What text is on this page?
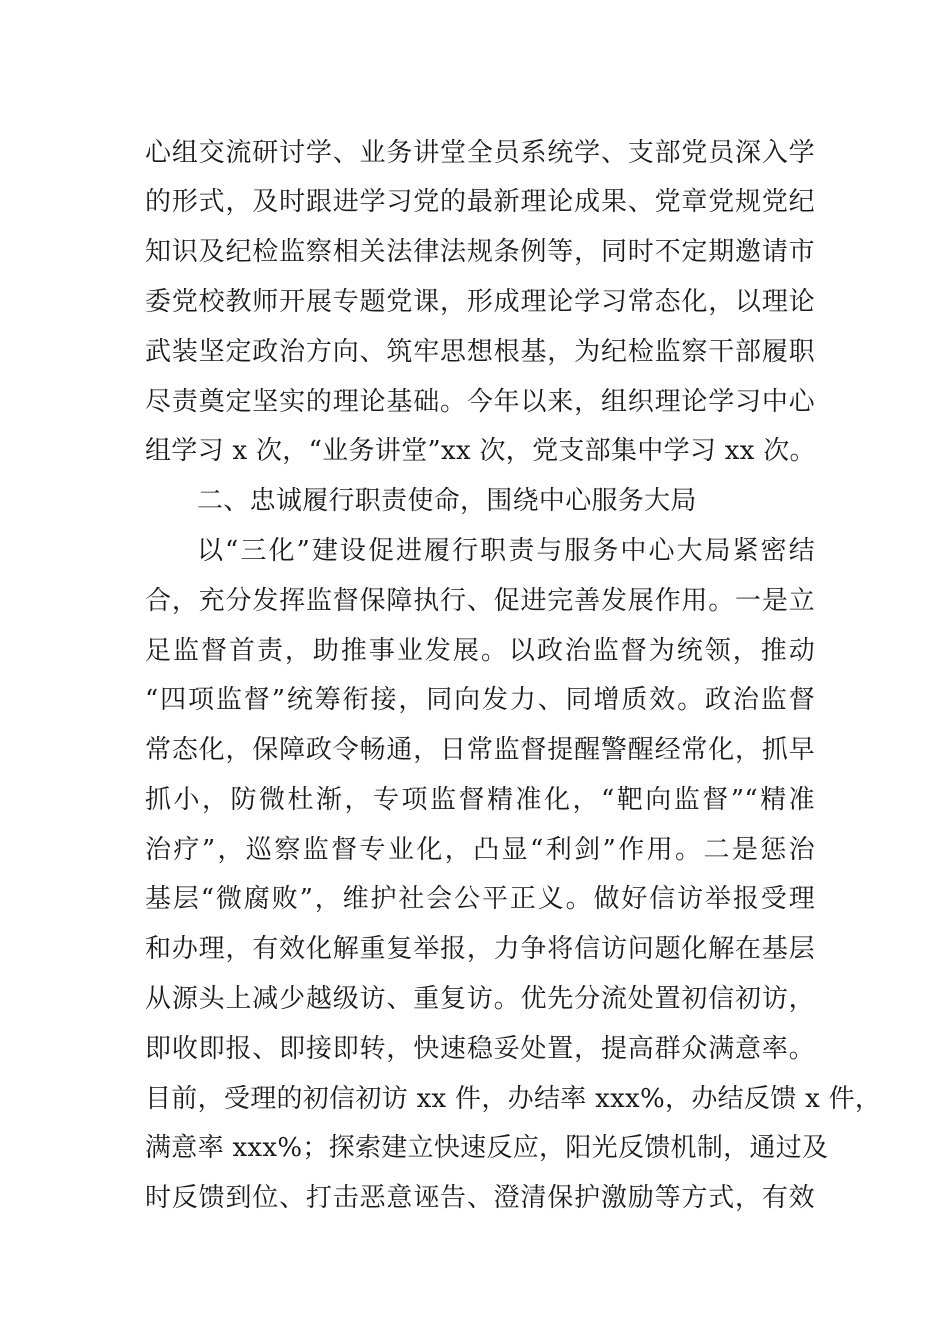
心组交流研讨学、业务讲堂全员系统学、支部党员深入学
的形式，及时跟进学习党的最新理论成果、党章党规党纪
知识及纪检监察相关法律法规条例等，同时不定期邀请市
委党校教师开展专题党课，形成理论学习常态化，以理论
武装坚定政治方向、筑牢思想根基，为纪检监察干部履职
尽责奠定坚实的理论基础。今年以来，组织理论学习中心
组学习 x 次，“业务讲堂”xx 次，党支部集中学习 xx 次。
二、忠诚履行职责使命，围绕中心服务大局
以“三化”建设促进履行职责与服务中心大局紧密结
合，充分发挥监督保障执行、促进完善发展作用。一是立
足监督首责，助推事业发展。以政治监督为统领，推动
“四项监督”统筹衔接，同向发力、同增质效。政治监督
常态化，保障政令畅通，日常监督提醒警醒经常化，抓早
抓小，防微杜渐，专项监督精准化，“靶向监督”“精准
治疗”，巡察监督专业化，凸显“利剑”作用。二是惩治
基层“微腐败”，维护社会公平正义。做好信访举报受理
和办理，有效化解重复举报，力争将信访问题化解在基层
从源头上减少越级访、重复访。优先分流处置初信初访，
即收即报、即接即转，快速稳妥处置，提高群众满意率。
目前，受理的初信初访 xx 件，办结率 xxx%，办结反馈 x 件，
满意率 xxx%；探索建立快速反应，阳光反馈机制，通过及
时反馈到位、打击恶意诬告、澄清保护激励等方式，有效
